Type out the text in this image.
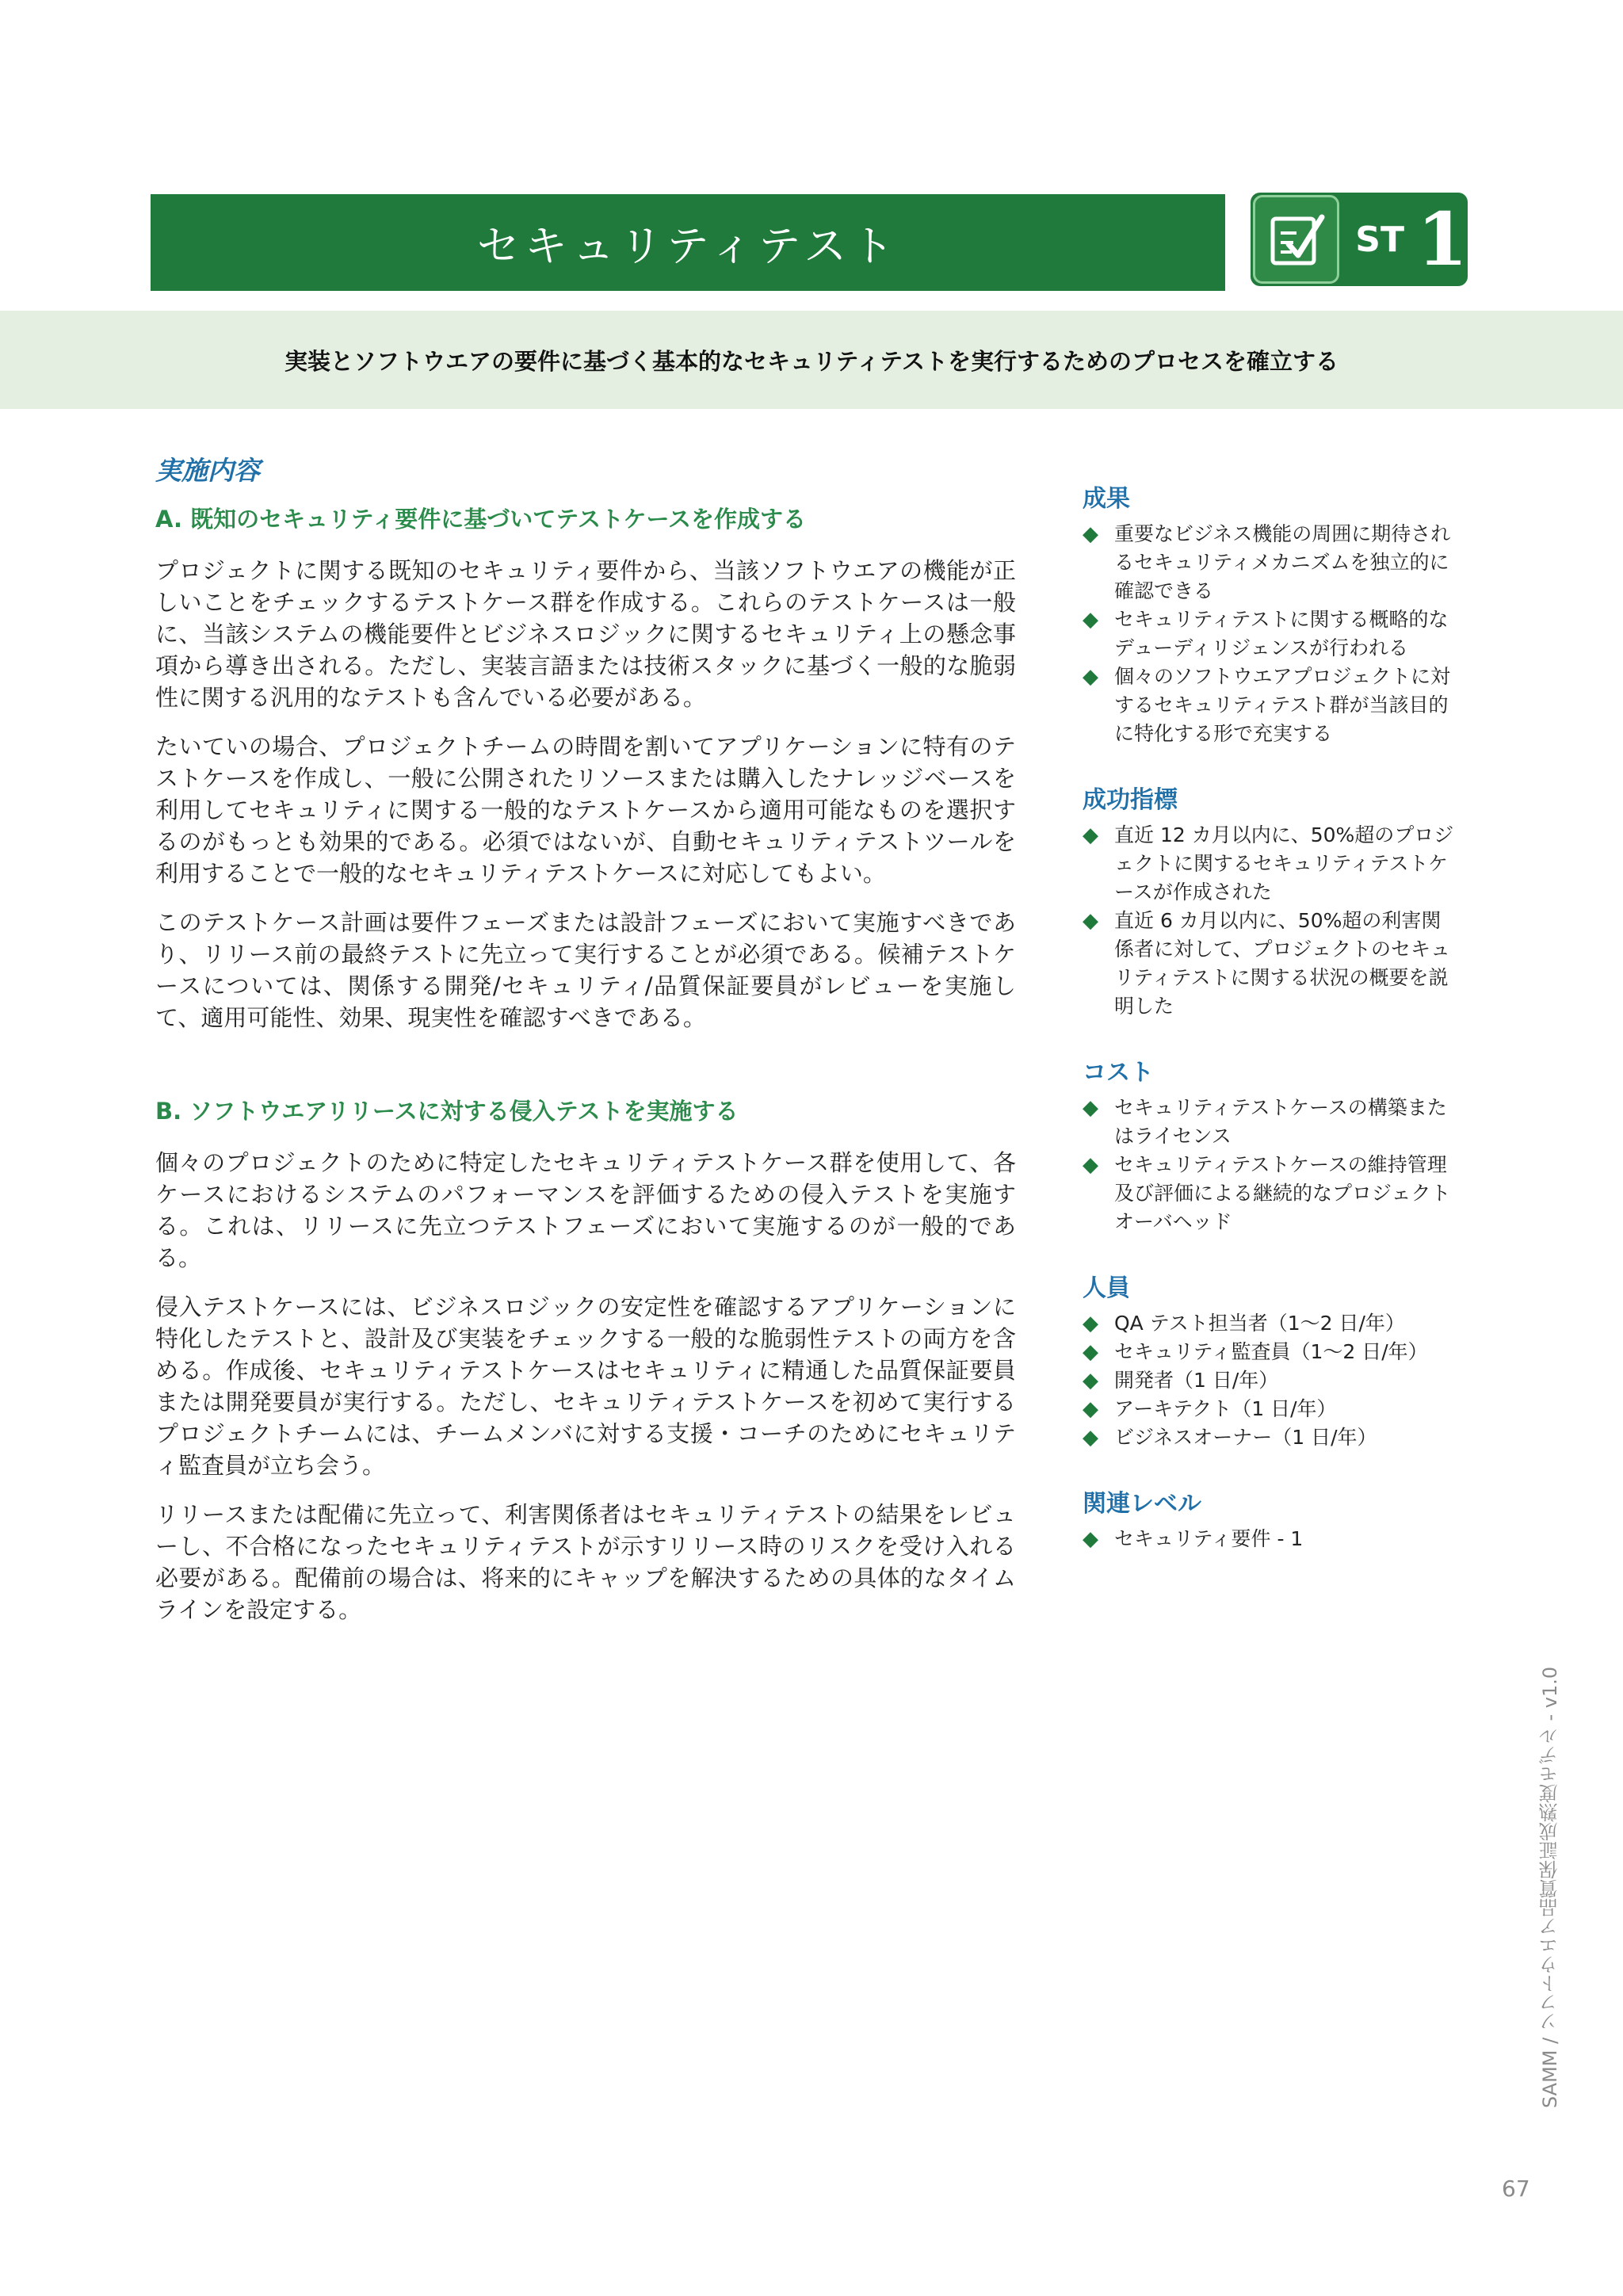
セキュリティテスト	ST 1
実装とソフトウエアの要件に基づく基本的なセキュリティテストを実行するためのプロセスを確立する
実施内容
A. 既知のセキュリティ要件に基づいてテストケースを作成する

プロジェクトに関する既知のセキュリティ要件から、当該ソフトウエアの機能が正しいことをチェックするテストケース群を作成する。これらのテストケースは一般に、当該システムの機能要件とビジネスロジックに関するセキュリティ上の懸念事項から導き出される。ただし、実装言語または技術スタックに基づく一般的な脆弱性に関する汎用的なテストも含んでいる必要がある。

たいていの場合、プロジェクトチームの時間を割いてアプリケーションに特有のテストケースを作成し、一般に公開されたリソースまたは購入したナレッジベースを利用してセキュリティに関する一般的なテストケースから適用可能なものを選択するのがもっとも効果的である。必須ではないが、自動セキュリティテストツールを利用することで一般的なセキュリティテストケースに対応してもよい。

このテストケース計画は要件フェーズまたは設計フェーズにおいて実施すべきであり、リリース前の最終テストに先立って実行することが必須である。候補テストケースについては、関係する開発/セキュリティ/品質保証要員がレビューを実施して、適用可能性、効果、現実性を確認すべきである。

B. ソフトウエアリリースに対する侵入テストを実施する

個々のプロジェクトのために特定したセキュリティテストケース群を使用して、各ケースにおけるシステムのパフォーマンスを評価するための侵入テストを実施する。これは、リリースに先立つテストフェーズにおいて実施するのが一般的である。

侵入テストケースには、ビジネスロジックの安定性を確認するアプリケーションに特化したテストと、設計及び実装をチェックする一般的な脆弱性テストの両方を含める。作成後、セキュリティテストケースはセキュリティに精通した品質保証要員または開発要員が実行する。ただし、セキュリティテストケースを初めて実行するプロジェクトチームには、チームメンバに対する支援・コーチのためにセキュリティ監査員が立ち会う。

リリースまたは配備に先立って、利害関係者はセキュリティテストの結果をレビューし、不合格になったセキュリティテストが示すリリース時のリスクを受け入れる必要がある。配備前の場合は、将来的にキャップを解決するための具体的なタイムラインを設定する。

成果
◆ 重要なビジネス機能の周囲に期待されるセキュリティメカニズムを独立的に確認できる
◆ セキュリティテストに関する概略的なデューディリジェンスが行われる
◆ 個々のソフトウエアプロジェクトに対するセキュリティテスト群が当該目的に特化する形で充実する
成功指標
◆ 直近 12 カ月以内に、50%超のプロジェクトに関するセキュリティテストケースが作成された
◆ 直近 6 カ月以内に、50%超の利害関係者に対して、プロジェクトのセキュリティテストに関する状況の概要を説明した
コスト
◆ セキュリティテストケースの構築またはライセンス
◆ セキュリティテストケースの維持管理及び評価による継続的なプロジェクトオーバヘッド
人員
◆ QA テスト担当者（1～2 日/年）
◆ セキュリティ監査員（1～2 日/年）
◆ 開発者（1 日/年）
◆ アーキテクト（1 日/年）
◆ ビジネスオーナー（1 日/年）
関連レベル
◆ セキュリティ要件 - 1
SAMM / ソフトウエア品質保証成熟度モデル - v1.0
67
